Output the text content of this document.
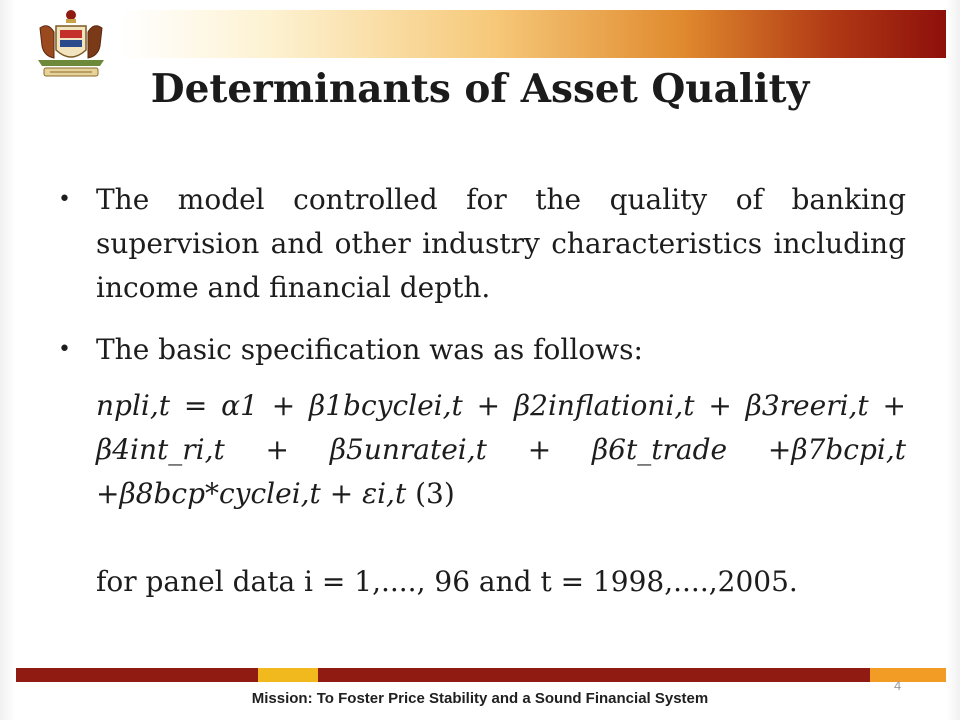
Determinants of Asset Quality
• The model controlled for the quality of banking supervision and other industry characteristics including income and financial depth.
• The basic specification was as follows:
npli,t = α1 + β1bcyclei,t + β2inflationi,t + β3reeri,t + β4int_ri,t + β5unratei,t + β6t_trade +β7bcpi,t +β8bcp*cyclei,t + εi,t (3)
for panel data i = 1,...., 96 and t = 1998,....,2005.
4
Mission: To Foster Price Stability and a Sound Financial System
